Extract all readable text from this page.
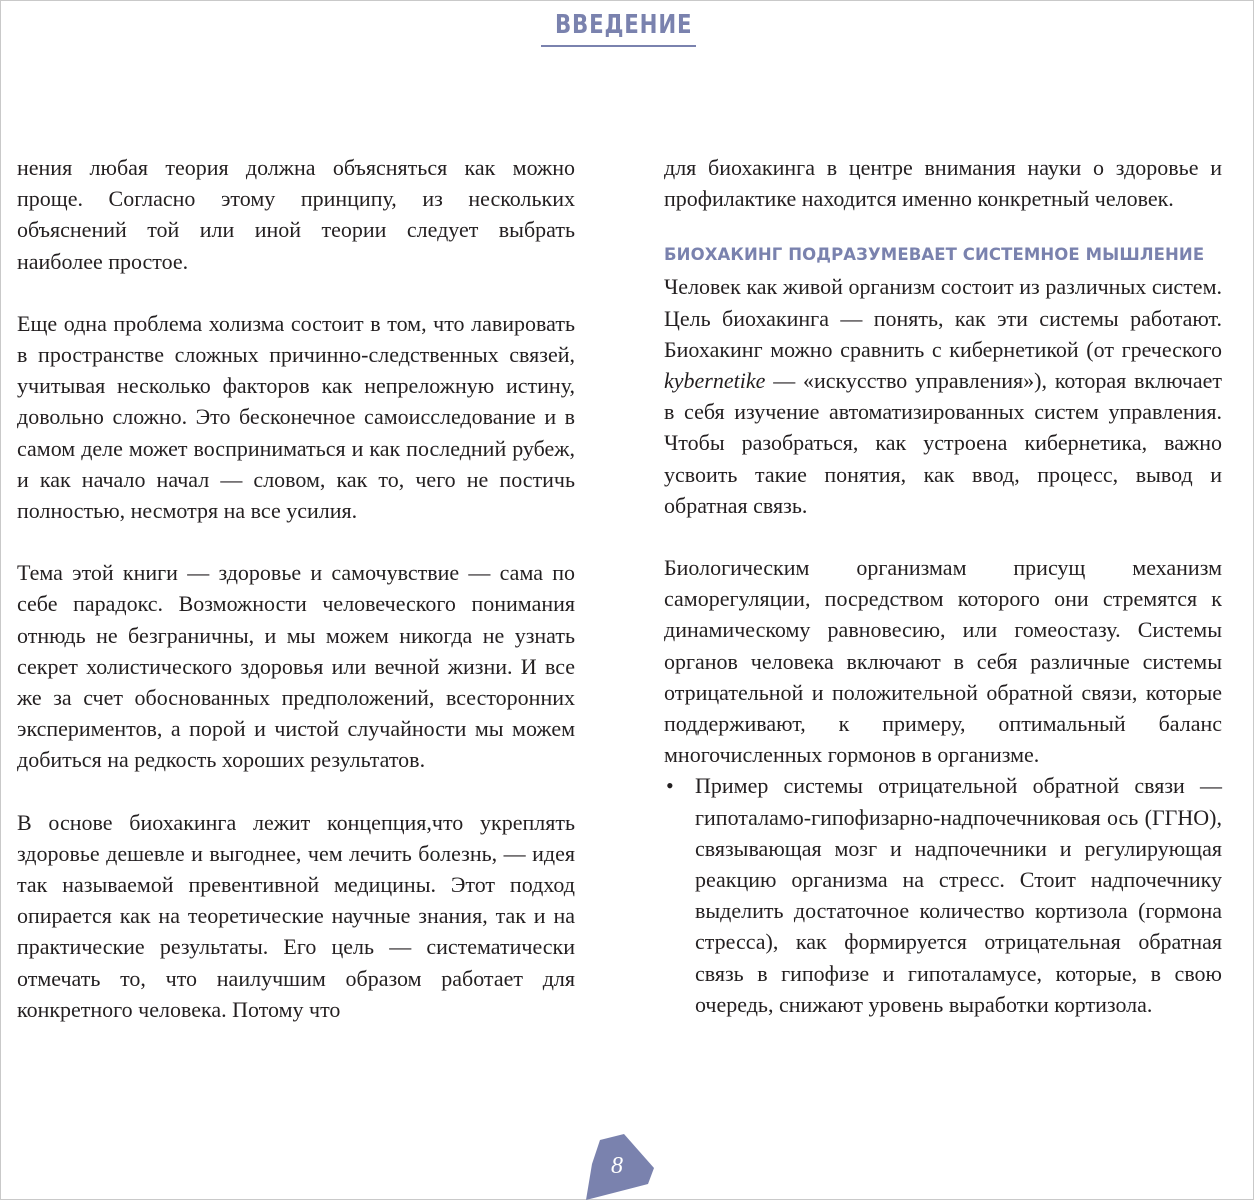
ВВЕДЕНИЕ

нения любая теория должна объясняться как можно проще. Согласно этому принципу, из нескольких объяснений той или иной теории следует выбрать наиболее простое.

Еще одна проблема холизма состоит в том, что лавировать в пространстве сложных причинно-следственных связей, учитывая несколько факторов как непреложную истину, довольно сложно. Это бесконечное самоисследование и в самом деле может восприниматься и как последний рубеж, и как начало начал — словом, как то, чего не постичь полностью, несмотря на все усилия.

Тема этой книги — здоровье и самочувствие — сама по себе парадокс. Возможности человеческого понимания отнюдь не безграничны, и мы можем никогда не узнать секрет холистического здоровья или вечной жизни. И все же за счет обоснованных предположений, всесторонних экспериментов, а порой и чистой случайности мы можем добиться на редкость хороших результатов.

В основе биохакинга лежит концепция,что укреплять здоровье дешевле и выгоднее, чем лечить болезнь, — идея так называемой превентивной медицины. Этот подход опирается как на теоретические научные знания, так и на практические результаты. Его цель — систематически отмечать то, что наилучшим образом работает для конкретного человека. Потому что

для биохакинга в центре внимания науки о здоровье и профилактике находится именно конкретный человек.

БИОХАКИНГ ПОДРАЗУМЕВАЕТ СИСТЕМНОЕ МЫШЛЕНИЕ

Человек как живой организм состоит из различных систем. Цель биохакинга — понять, как эти системы работают. Биохакинг можно сравнить с кибернетикой (от греческого kybernetike — «искусство управления»), которая включает в себя изучение автоматизированных систем управления. Чтобы разобраться, как устроена кибернетика, важно усвоить такие понятия, как ввод, процесс, вывод и обратная связь.

Биологическим организмам присущ механизм саморегуляции, посредством которого они стремятся к динамическому равновесию, или гомеостазу. Системы органов человека включают в себя различные системы отрицательной и положительной обратной связи, которые поддерживают, к примеру, оптимальный баланс многочисленных гормонов в организме.

• Пример системы отрицательной обратной связи — гипоталамо-гипофизарно-надпочечниковая ось (ГГНО), связывающая мозг и надпочечники и регулирующая реакцию организма на стресс. Стоит надпочечнику выделить достаточное количество кортизола (гормона стресса), как формируется отрицательная обратная связь в гипофизе и гипоталамусе, которые, в свою очередь, снижают уровень выработки кортизола.

8
